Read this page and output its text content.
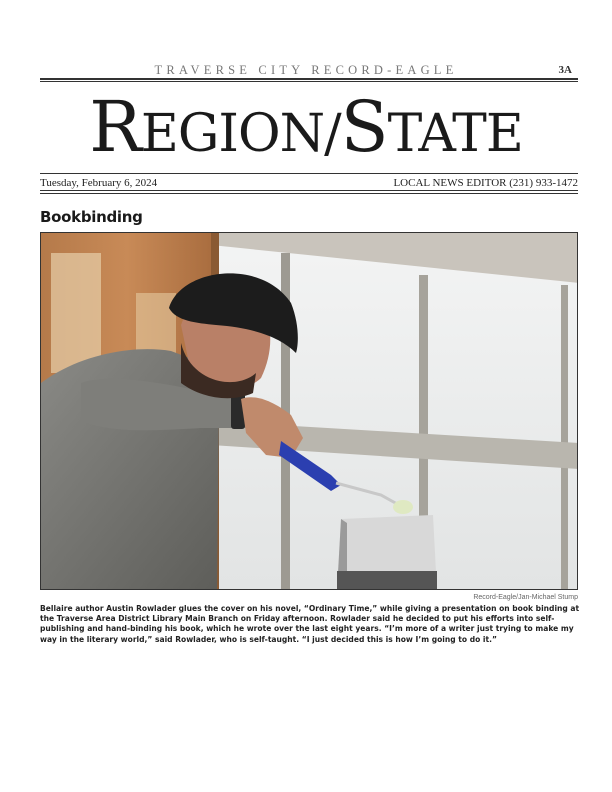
TRAVERSE CITY RECORD-EAGLE	3A
REGION/STATE
Tuesday, February 6, 2024	LOCAL NEWS EDITOR (231) 933-1472
Bookbinding
Record-Eagle/Jan-Michael Stump
Bellaire author Austin Rowlader glues the cover on his novel, “Ordinary Time,” while giving a presentation on book binding at the Traverse Area District Library Main Branch on Friday afternoon. Rowlader said he decided to put his efforts into self-publishing and hand-binding his book, which he wrote over the last eight years. “I’m more of a writer just trying to make my way in the literary world,” said Rowlader, who is self-taught. “I just decided this is how I’m going to do it.”
